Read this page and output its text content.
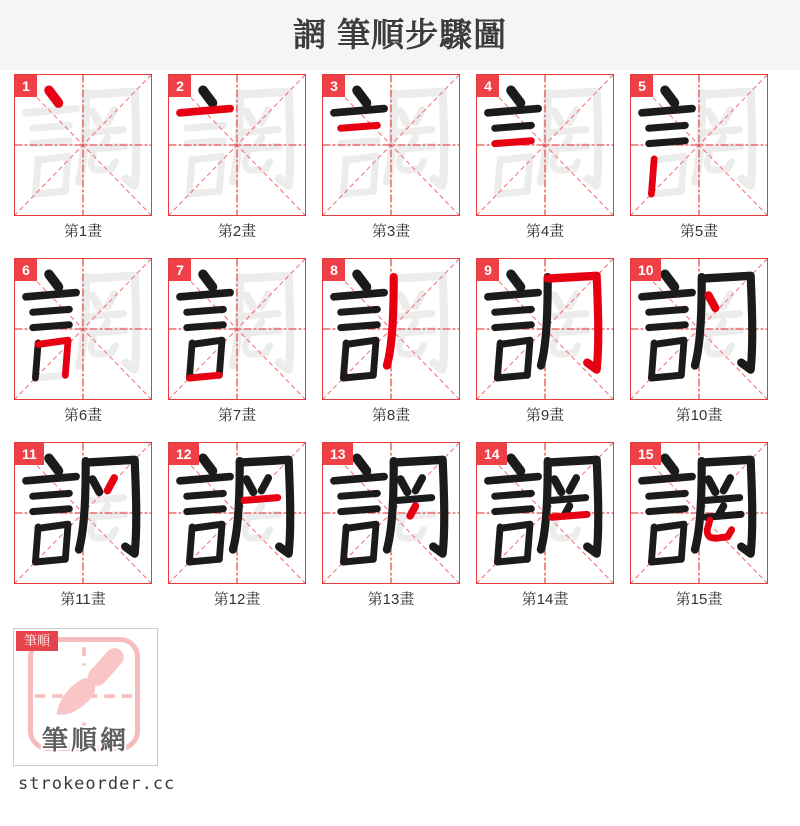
誷 筆順步驟圖
1
第1畫
2
第2畫
3
第3畫
4
第4畫
5
第5畫
6
第6畫
7
第7畫
8
第8畫
9
第9畫
10
第10畫
11
第11畫
12
第12畫
13
第13畫
14
第14畫
15
第15畫
筆順
筆順網
strokeorder.cc
